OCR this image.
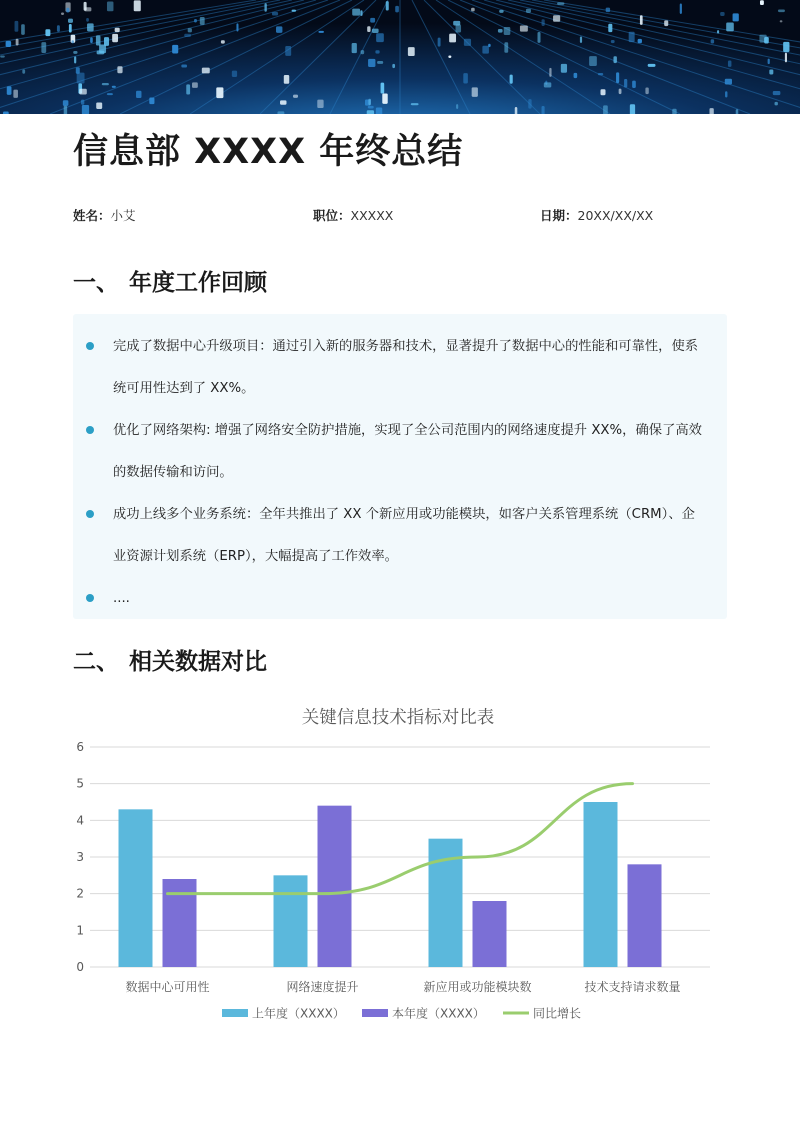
信息部 XXXX 年终总结
姓名：小艾	职位：XXXXX	日期：20XX/XX/XX
一、 年度工作回顾
完成了数据中心升级项目：通过引入新的服务器和技术，显著提升了数据中心的性能和可靠性，使系统可用性达到了 XX%。
优化了网络架构: 增强了网络安全防护措施，实现了全公司范围内的网络速度提升 XX%，确保了高效的数据传输和访问。
成功上线多个业务系统：全年共推出了 XX 个新应用或功能模块，如客户关系管理系统（CRM）、企业资源计划系统（ERP），大幅提高了工作效率。
....
二、 相关数据对比
关键信息技术指标对比表
0
1
2
3
4
5
6
数据中心可用性	网络速度提升	新应用或功能模块数	技术支持请求数量
上年度（XXXX）	本年度（XXXX）	同比增长
